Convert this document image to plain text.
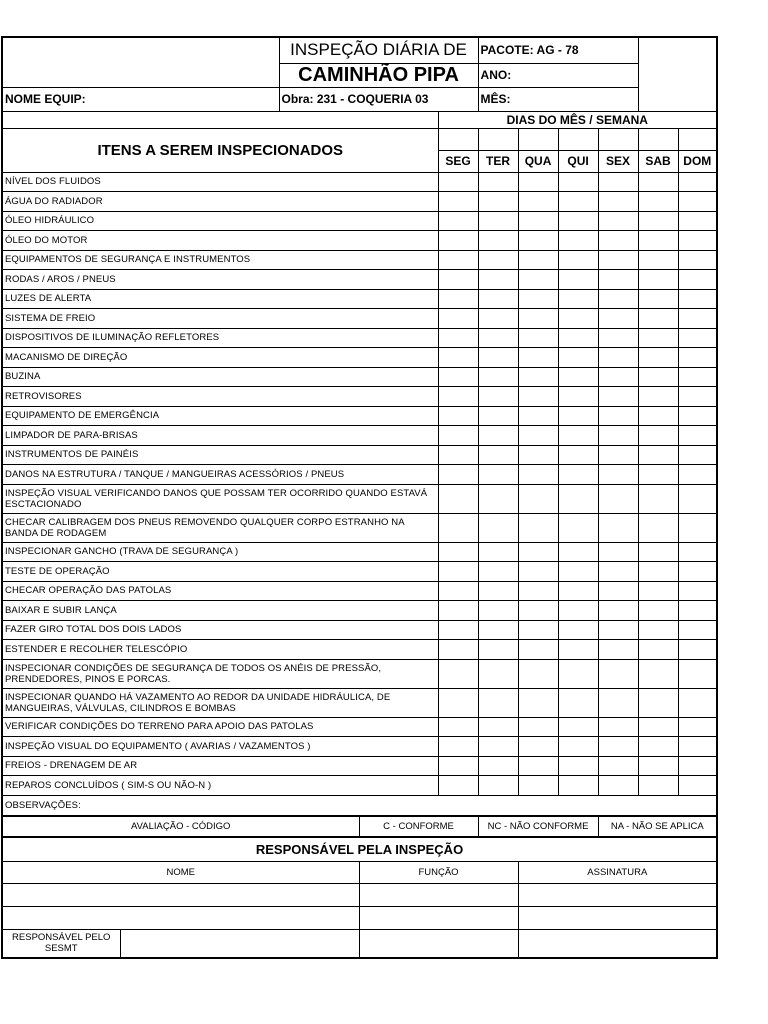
		INSPEÇÃO DIÁRIA DE			PACOTE: AG - 78					
		CAMINHÃO PIPA			ANO:					
NOME EQUIP:		Obra: 231 - COQUERIA 03			MÊS:					
				DIAS DO MÊS / SEMANA						
ITENS A SEREM INSPECIONADOS										
				SEG	TER	QUA	QUI	SEX	SAB	DOM
NÍVEL DOS FLUIDOS										
ÁGUA DO RADIADOR										
ÓLEO HIDRÁULICO										
ÓLEO DO MOTOR										
EQUIPAMENTOS DE SEGURANÇA E INSTRUMENTOS										
RODAS / AROS / PNEUS										
LUZES DE ALERTA										
SISTEMA DE FREIO										
DISPOSITIVOS DE ILUMINAÇÃO REFLETORES										
MACANISMO DE DIREÇÃO										
BUZINA										
RETROVISORES										
EQUIPAMENTO DE EMERGÊNCIA										
LIMPADOR DE PARA-BRISAS										
INSTRUMENTOS DE PAINÉIS										
DANOS NA ESTRUTURA / TANQUE / MANGUEIRAS ACESSÓRIOS / PNEUS										
INSPEÇÃO VISUAL VERIFICANDO DANOS QUE POSSAM TER OCORRIDO QUANDO ESTAVÁ ESCTACIONADO										
CHECAR CALIBRAGEM DOS PNEUS REMOVENDO QUALQUER CORPO ESTRANHO NA BANDA DE RODAGEM										
INSPECIONAR GANCHO (TRAVA DE SEGURANÇA )										
TESTE DE OPERAÇÃO										
CHECAR OPERAÇÃO DAS PATOLAS										
BAIXAR E SUBIR LANÇA										
FAZER GIRO TOTAL DOS DOIS LADOS										
ESTENDER E RECOLHER TELESCÓPIO										
INSPECIONAR CONDIÇÕES DE SEGURANÇA DE TODOS OS ANÉIS DE PRESSÃO, PRENDEDORES, PINOS E PORCAS.										
INSPECIONAR QUANDO HÁ VAZAMENTO AO REDOR DA UNIDADE HIDRÁULICA, DE MANGUEIRAS, VÁLVULAS, CILINDROS E BOMBAS										
VERIFICAR CONDIÇÕES DO TERRENO PARA APOIO DAS PATOLAS										
INSPEÇÃO VISUAL DO EQUIPAMENTO ( AVARIAS / VAZAMENTOS )										
FREIOS - DRENAGEM DE AR										
REPAROS CONCLUÍDOS ( SIM-S OU NÃO-N )										
OBSERVAÇÕES:										
AVALIAÇÃO - CÓDIGO			C - CONFORME		NC - NÃO CONFORME			NA - NÃO SE APLICA		
RESPONSÁVEL PELA INSPEÇÃO										
NOME			FUNÇÃO			ASSINATURA				

RESPONSÁVEL PELO SESMT										
